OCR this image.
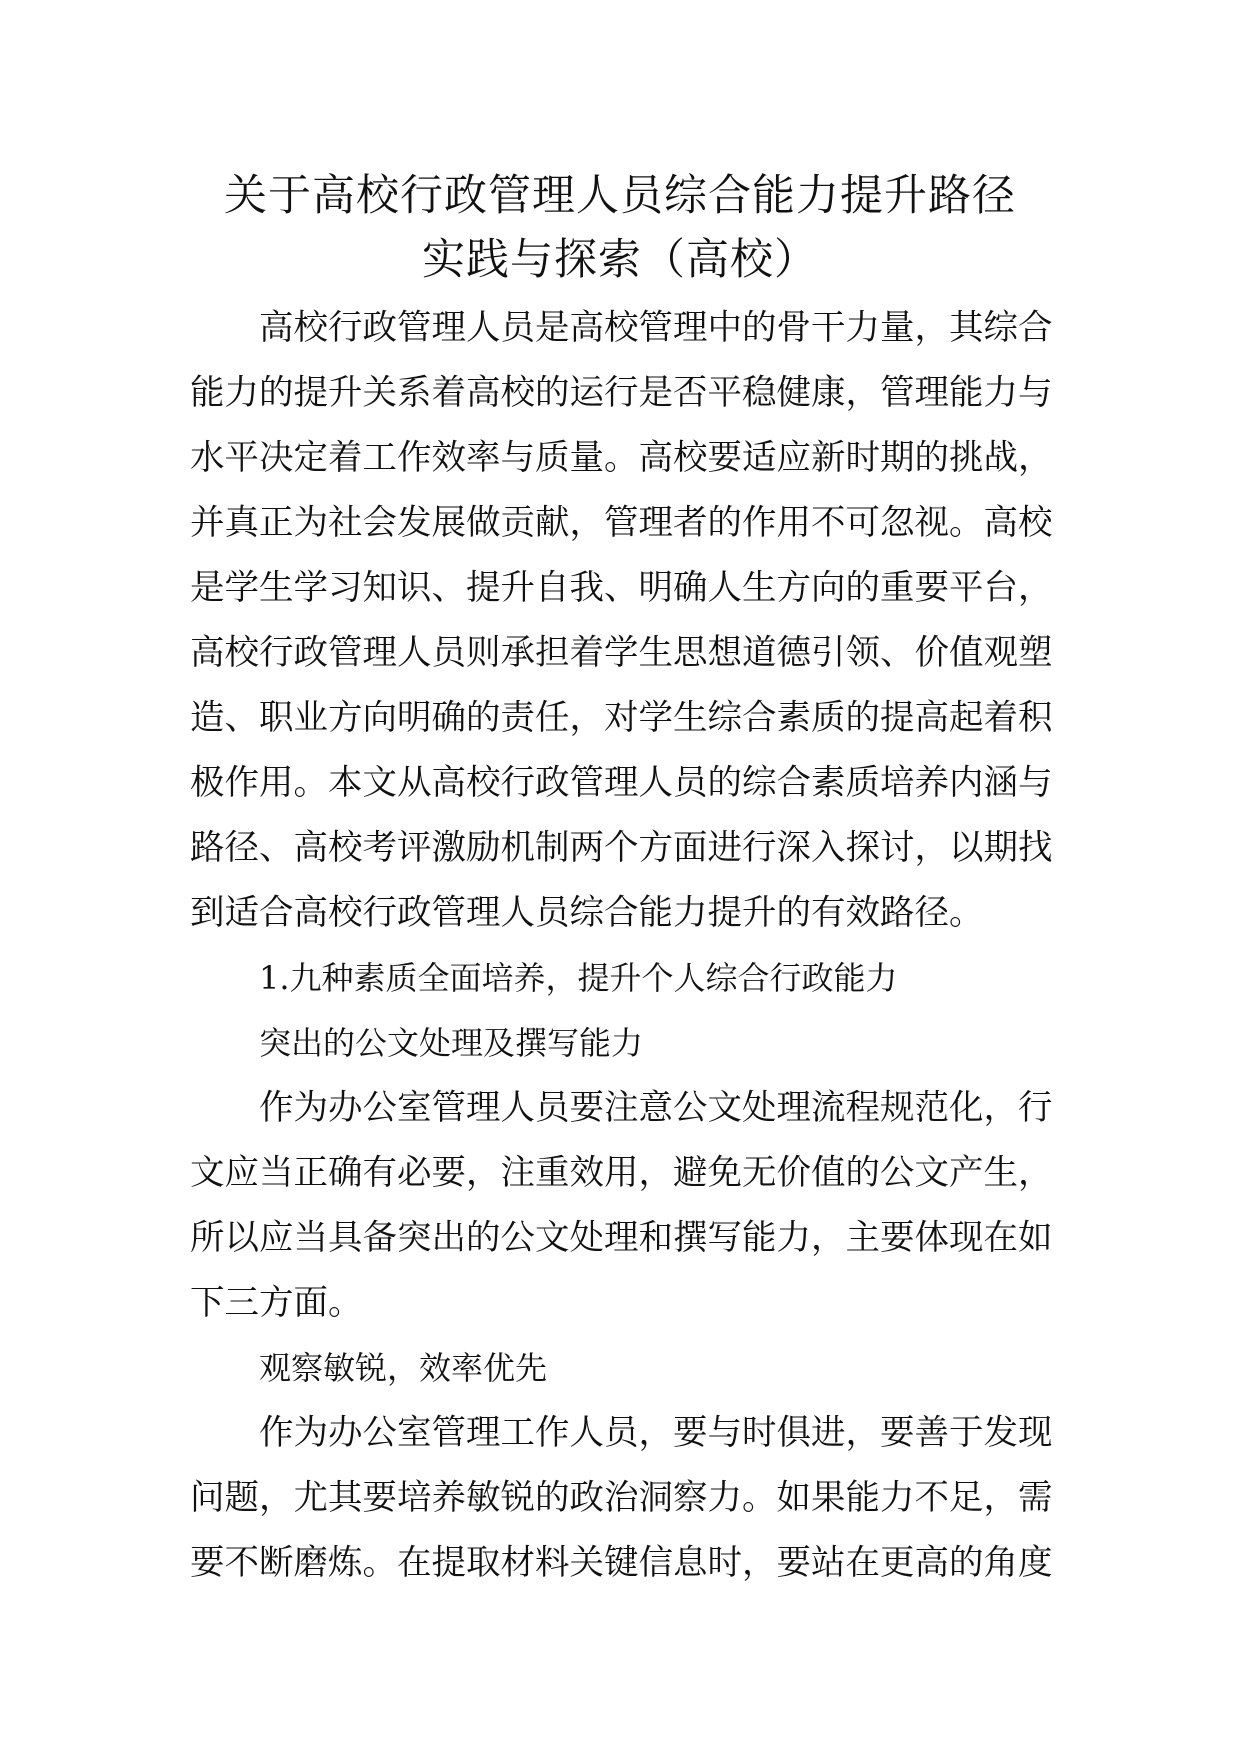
关于高校行政管理人员综合能力提升路径
实践与探索（高校）
高校行政管理人员是高校管理中的骨干力量，其综合
能力的提升关系着高校的运行是否平稳健康，管理能力与
水平决定着工作效率与质量。高校要适应新时期的挑战，
并真正为社会发展做贡献，管理者的作用不可忽视。高校
是学生学习知识、提升自我、明确人生方向的重要平台，
高校行政管理人员则承担着学生思想道德引领、价值观塑
造、职业方向明确的责任，对学生综合素质的提高起着积
极作用。本文从高校行政管理人员的综合素质培养内涵与
路径、高校考评激励机制两个方面进行深入探讨，以期找
到适合高校行政管理人员综合能力提升的有效路径。
1.九种素质全面培养，提升个人综合行政能力
突出的公文处理及撰写能力
作为办公室管理人员要注意公文处理流程规范化，行
文应当正确有必要，注重效用，避免无价值的公文产生，
所以应当具备突出的公文处理和撰写能力，主要体现在如
下三方面。
观察敏锐，效率优先
作为办公室管理工作人员，要与时俱进，要善于发现
问题，尤其要培养敏锐的政治洞察力。如果能力不足，需
要不断磨炼。在提取材料关键信息时，要站在更高的角度
